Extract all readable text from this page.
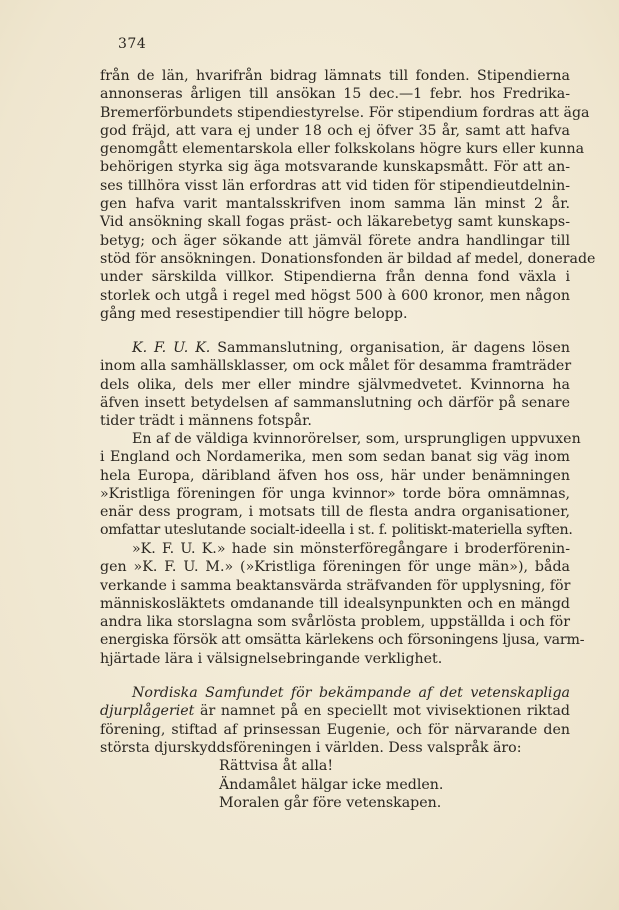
374
från de län, hvarifrån bidrag lämnats till fonden. Stipendierna
annonseras årligen till ansökan 15 dec.—1 febr. hos Fredrika-
Bremerförbundets stipendiestyrelse. För stipendium fordras att äga
god fräjd, att vara ej under 18 och ej öfver 35 år, samt att hafva
genomgått elementarskola eller folkskolans högre kurs eller kunna
behörigen styrka sig äga motsvarande kunskapsmått. För att an-
ses tillhöra visst län erfordras att vid tiden för stipendieutdelnin-
gen hafva varit mantalsskrifven inom samma län minst 2 år.
Vid ansökning skall fogas präst- och läkarebetyg samt kunskaps-
betyg; och äger sökande att jämväl förete andra handlingar till
stöd för ansökningen. Donationsfonden är bildad af medel, donerade
under särskilda villkor. Stipendierna från denna fond växla i
storlek och utgå i regel med högst 500 à 600 kronor, men någon
gång med resestipendier till högre belopp.
K. F. U. K. Sammanslutning, organisation, är dagens lösen
inom alla samhällsklasser, om ock målet för desamma framträder
dels olika, dels mer eller mindre självmedvetet. Kvinnorna ha
äfven insett betydelsen af sammanslutning och därför på senare
tider trädt i männens fotspår.
En af de väldiga kvinnorörelser, som, ursprungligen uppvuxen
i England och Nordamerika, men som sedan banat sig väg inom
hela Europa, däribland äfven hos oss, här under benämningen
»Kristliga föreningen för unga kvinnor» torde böra omnämnas,
enär dess program, i motsats till de flesta andra organisationer,
omfattar uteslutande socialt-ideella i st. f. politiskt-materiella syften.
»K. F. U. K.» hade sin mönsterföregångare i broderförenin-
gen »K. F. U. M.» (»Kristliga föreningen för unge män»), båda
verkande i samma beaktansvärda sträfvanden för upplysning, för
människosläktets omdanande till idealsynpunkten och en mängd
andra lika storslagna som svårlösta problem, uppställda i och för
energiska försök att omsätta kärlekens och försoningens ljusa, varm-
hjärtade lära i välsignelsebringande verklighet.
Nordiska Samfundet för bekämpande af det vetenskapliga
djurplågeriet är namnet på en speciellt mot vivisektionen riktad
förening, stiftad af prinsessan Eugenie, och för närvarande den
största djurskyddsföreningen i världen. Dess valspråk äro:
Rättvisa åt alla!
Ändamålet hälgar icke medlen.
Moralen går före vetenskapen.
